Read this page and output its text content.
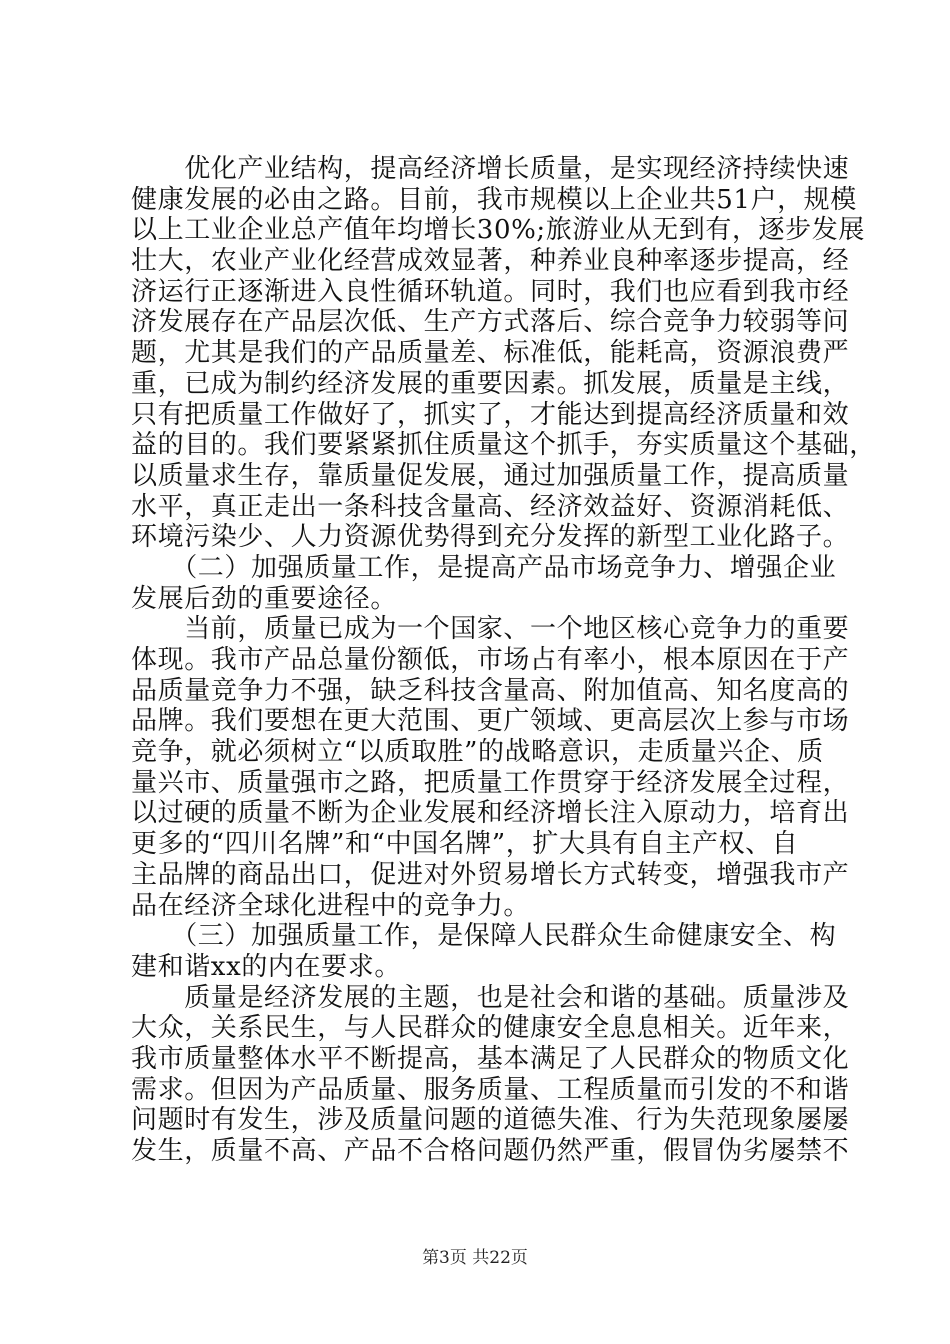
　　优化产业结构，提高经济增长质量，是实现经济持续快速
健康发展的必由之路。目前，我市规模以上企业共51户，规模
以上工业企业总产值年均增长30%;旅游业从无到有，逐步发展
壮大，农业产业化经营成效显著，种养业良种率逐步提高，经
济运行正逐渐进入良性循环轨道。同时，我们也应看到我市经
济发展存在产品层次低、生产方式落后、综合竞争力较弱等问
题，尤其是我们的产品质量差、标准低，能耗高，资源浪费严
重，已成为制约经济发展的重要因素。抓发展，质量是主线，
只有把质量工作做好了，抓实了，才能达到提高经济质量和效
益的目的。我们要紧紧抓住质量这个抓手，夯实质量这个基础，
以质量求生存，靠质量促发展，通过加强质量工作，提高质量
水平，真正走出一条科技含量高、经济效益好、资源消耗低、
环境污染少、人力资源优势得到充分发挥的新型工业化路子。
　　（二）加强质量工作，是提高产品市场竞争力、增强企业
发展后劲的重要途径。
　　当前，质量已成为一个国家、一个地区核心竞争力的重要
体现。我市产品总量份额低，市场占有率小，根本原因在于产
品质量竞争力不强，缺乏科技含量高、附加值高、知名度高的
品牌。我们要想在更大范围、更广领域、更高层次上参与市场
竞争，就必须树立“以质取胜”的战略意识，走质量兴企、质
量兴市、质量强市之路，把质量工作贯穿于经济发展全过程，
以过硬的质量不断为企业发展和经济增长注入原动力，培育出
更多的“四川名牌”和“中国名牌”，扩大具有自主产权、自
主品牌的商品出口，促进对外贸易增长方式转变，增强我市产
品在经济全球化进程中的竞争力。
　　（三）加强质量工作，是保障人民群众生命健康安全、构
建和谐xx的内在要求。
　　质量是经济发展的主题，也是社会和谐的基础。质量涉及
大众，关系民生，与人民群众的健康安全息息相关。近年来，
我市质量整体水平不断提高，基本满足了人民群众的物质文化
需求。但因为产品质量、服务质量、工程质量而引发的不和谐
问题时有发生，涉及质量问题的道德失准、行为失范现象屡屡
发生，质量不高、产品不合格问题仍然严重，假冒伪劣屡禁不
第3页 共22页
